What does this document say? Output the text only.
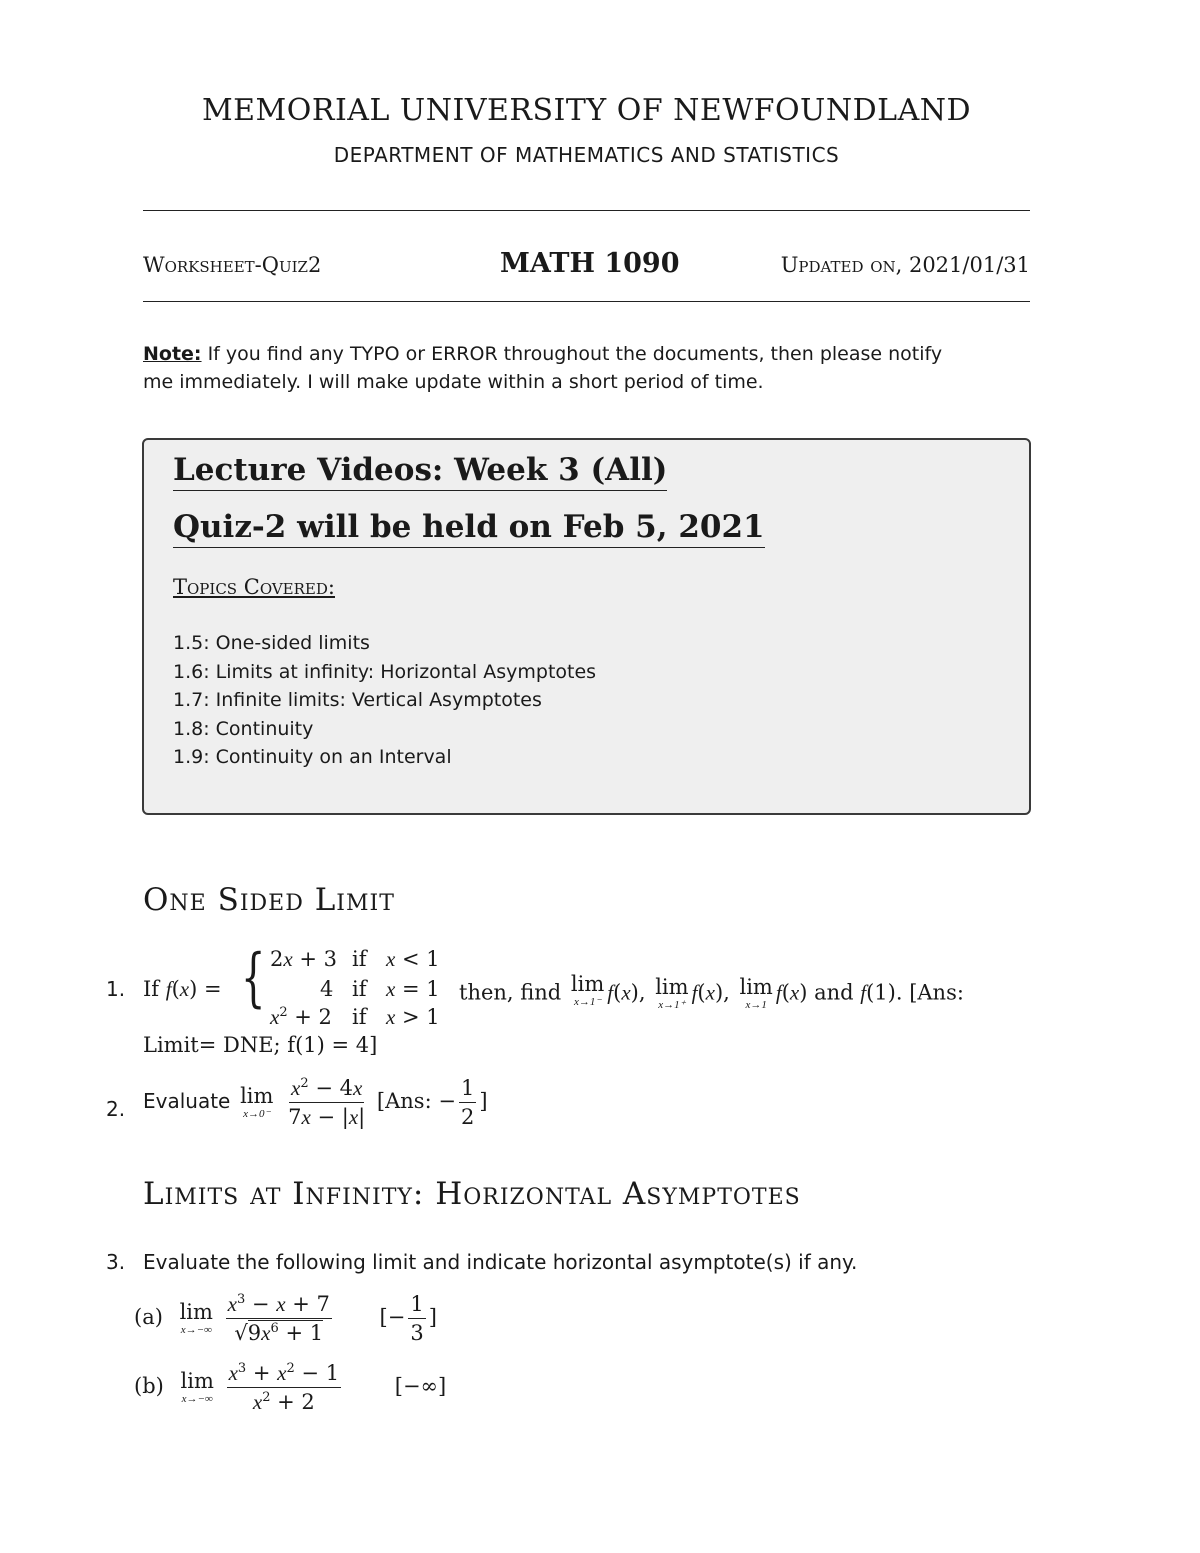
MEMORIAL UNIVERSITY OF NEWFOUNDLAND
DEPARTMENT OF MATHEMATICS AND STATISTICS
Worksheet-Quiz2	MATH 1090	Updated on, 2021/01/31
Note: If you find any TYPO or ERROR throughout the documents, then please notify
me immediately. I will make update within a short period of time.
Lecture Videos: Week 3 (All)
Quiz-2 will be held on Feb 5, 2021
Topics Covered:
1.5: One-sided limits
1.6: Limits at infinity: Horizontal Asymptotes
1.7: Infinite limits: Vertical Asymptotes
1.8: Continuity
1.9: Continuity on an Interval
One Sided Limit
1. If f(x) = { 2x + 3 if x < 1
4 if x = 1
$x^2 + 2$ if x > 1
then, find lim
x→1⁻ f(x), lim
x→1⁺
f(x), lim
x→1
f(x) and f(1). [Ans:
Limit= DNE; f(1) = 4]
2. Evaluate lim
x→0⁻
$\frac{x^2 - 4x}{7x - |x|} [Ans$: − $\frac{1}{2}$ ]
Limits at Infinity: Horizontal Asymptotes
3. Evaluate the following limit and indicate horizontal asymptote(s) if any.
(a) lim
x→−∞
$\frac{x^3 - x + 7}{√9x^6 + 1}$ [− $\frac{1}{3}$ ]
(b) lim
x→−∞
$\frac{x^3 + x^2 - 1}{x^2 + 2}$	[−∞]
